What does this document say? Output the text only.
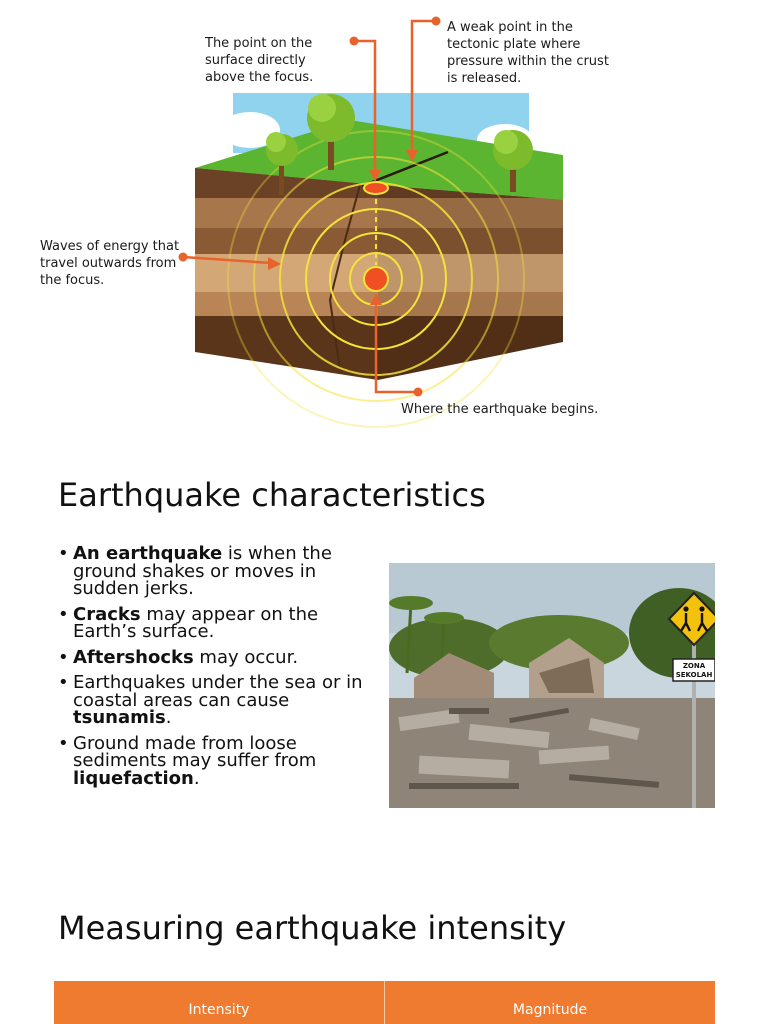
The point on the surface directly above the focus.
A weak point in the tectonic plate where pressure within the crust is released.
Waves of energy that travel outwards from the focus.
Where the earthquake begins.
Earthquake characteristics
• An earthquake is when the ground shakes or moves in sudden jerks.
• Cracks may appear on the Earth’s surface.
• Aftershocks may occur.
• Earthquakes under the sea or in coastal areas can cause tsunamis.
• Ground made from loose sediments may suffer from liquefaction.
ZONA
SEKOLAH
Measuring earthquake intensity
Intensity	Magnitude
